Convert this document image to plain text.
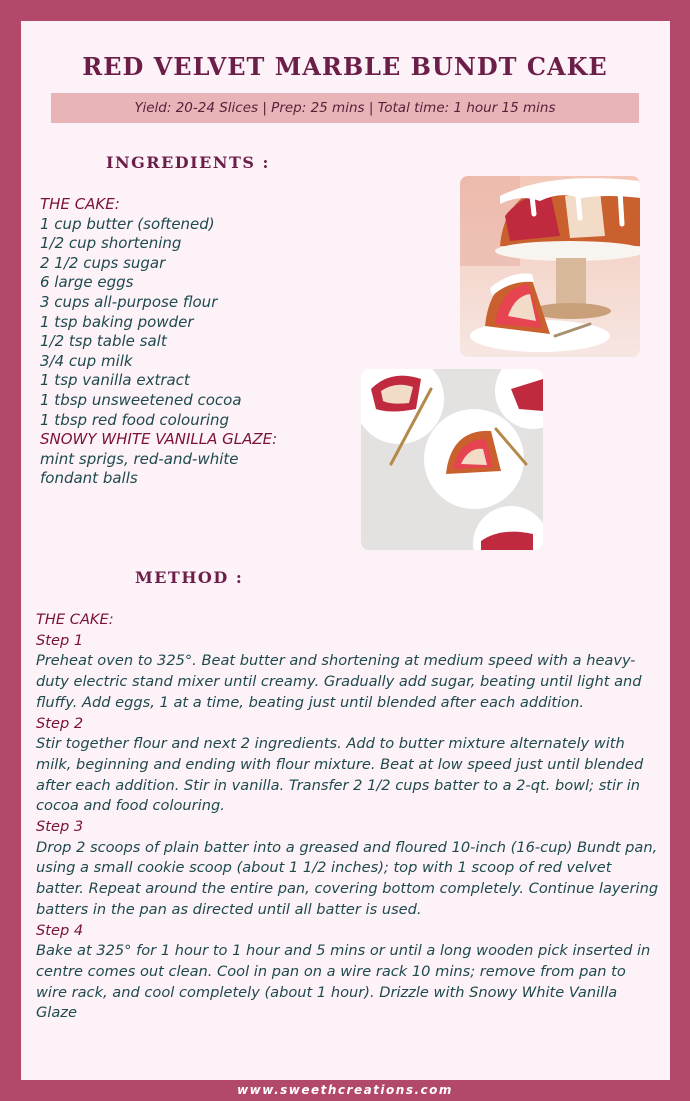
RED VELVET MARBLE BUNDT CAKE
Yield: 20-24 Slices | Prep: 25 mins | Total time: 1 hour 15 mins
INGREDIENTS :
THE CAKE:
1 cup butter (softened)
1/2 cup shortening
2 1/2 cups sugar
6 large eggs
3 cups all-purpose flour
1 tsp baking powder
1/2 tsp table salt
3/4 cup milk
1 tsp vanilla extract
1 tbsp unsweetened cocoa
1 tbsp red food colouring
SNOWY WHITE VANILLA GLAZE:
mint sprigs, red-and-white
fondant balls
METHOD :
THE CAKE:
Step 1
Preheat oven to 325°. Beat butter and shortening at medium speed with a heavy-duty electric stand mixer until creamy. Gradually add sugar, beating until light and fluffy. Add eggs, 1 at a time, beating just until blended after each addition.
Step 2
Stir together flour and next 2 ingredients. Add to butter mixture alternately with milk, beginning and ending with flour mixture. Beat at low speed just until blended after each addition. Stir in vanilla. Transfer 2 1/2 cups batter to a 2-qt. bowl; stir in cocoa and food colouring.
Step 3
Drop 2 scoops of plain batter into a greased and floured 10-inch (16-cup) Bundt pan, using a small cookie scoop (about 1 1/2 inches); top with 1 scoop of red velvet batter. Repeat around the entire pan, covering bottom completely. Continue layering batters in the pan as directed until all batter is used.
Step 4
Bake at 325° for 1 hour to 1 hour and 5 mins or until a long wooden pick inserted in centre comes out clean. Cool in pan on a wire rack 10 mins; remove from pan to wire rack, and cool completely (about 1 hour). Drizzle with Snowy White Vanilla Glaze
www.sweethcreations.com
